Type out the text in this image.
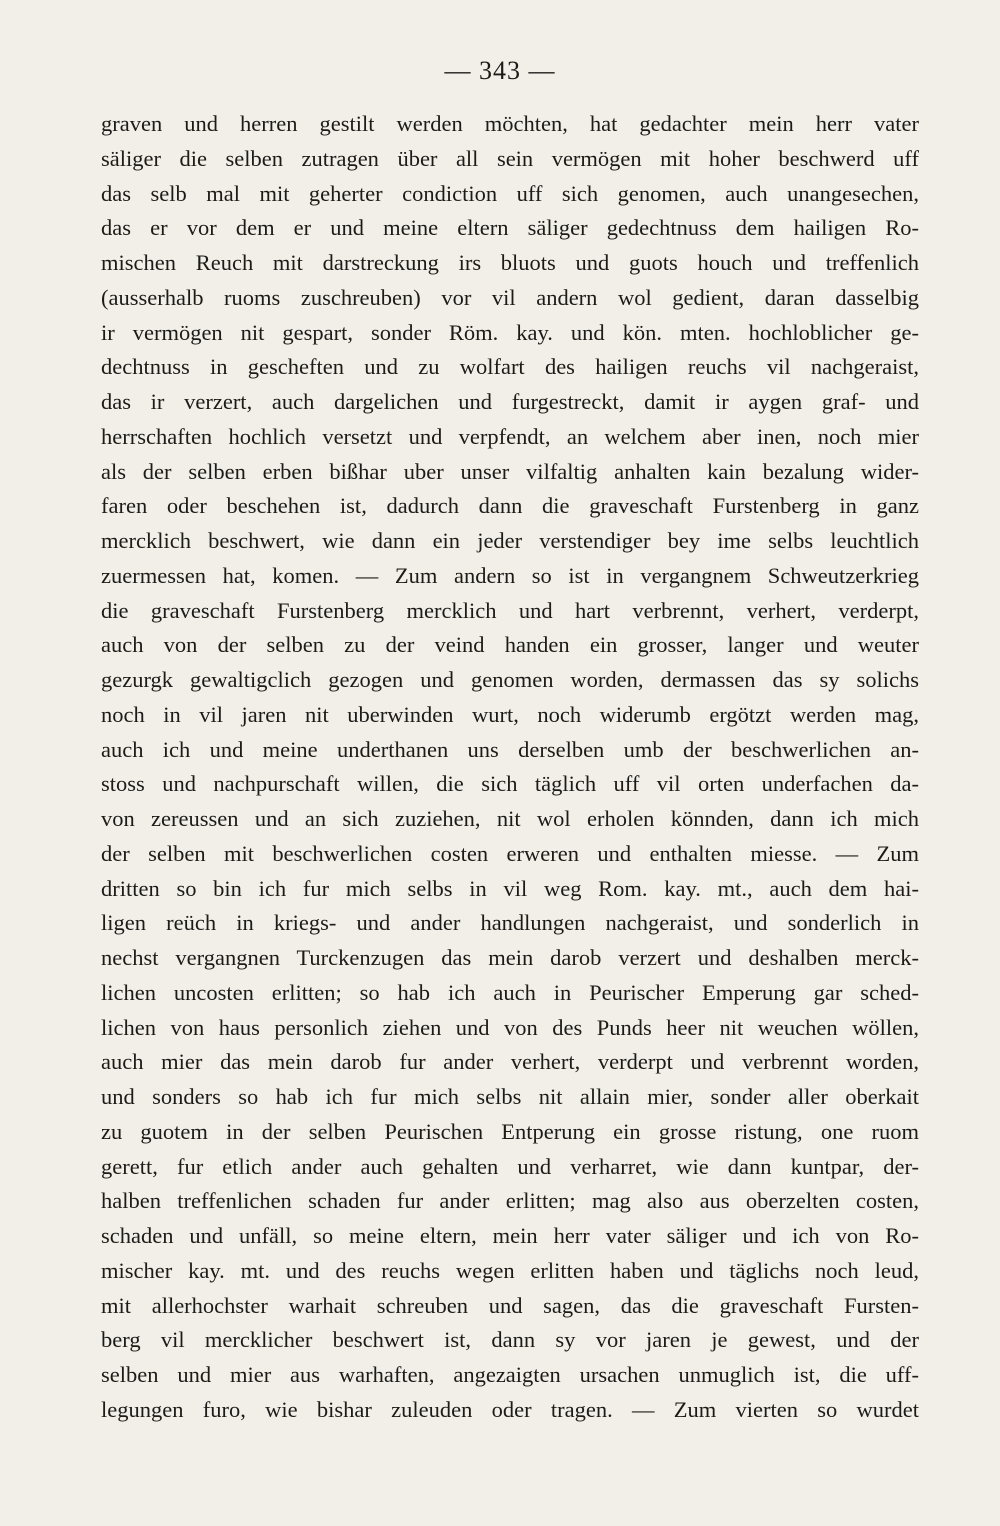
— 343 —
graven und herren gestilt werden möchten, hat gedachter mein herr vater
säliger die selben zutragen über all sein vermögen mit hoher beschwerd uff
das selb mal mit geherter condiction uff sich genomen, auch unangesechen,
das er vor dem er und meine eltern säliger gedechtnuss dem hailigen Ro-
mischen Reuch mit darstreckung irs bluots und guots houch und treffenlich
(ausserhalb ruoms zuschreuben) vor vil andern wol gedient, daran dasselbig
ir vermögen nit gespart, sonder Röm. kay. und kön. mten. hochloblicher ge-
dechtnuss in gescheften und zu wolfart des hailigen reuchs vil nachgeraist,
das ir verzert, auch dargelichen und furgestreckt, damit ir aygen graf- und
herrschaften hochlich versetzt und verpfendt, an welchem aber inen, noch mier
als der selben erben bißhar uber unser vilfaltig anhalten kain bezalung wider-
faren oder beschehen ist, dadurch dann die graveschaft Furstenberg in ganz
mercklich beschwert, wie dann ein jeder verstendiger bey ime selbs leuchtlich
zuermessen hat, komen. — Zum andern so ist in vergangnem Schweutzerkrieg
die graveschaft Furstenberg mercklich und hart verbrennt, verhert, verderpt,
auch von der selben zu der veind handen ein grosser, langer und weuter
gezurgk gewaltigclich gezogen und genomen worden, dermassen das sy solichs
noch in vil jaren nit uberwinden wurt, noch widerumb ergötzt werden mag,
auch ich und meine underthanen uns derselben umb der beschwerlichen an-
stoss und nachpurschaft willen, die sich täglich uff vil orten underfachen da-
von zereussen und an sich zuziehen, nit wol erholen könnden, dann ich mich
der selben mit beschwerlichen costen erweren und enthalten miesse. — Zum
dritten so bin ich fur mich selbs in vil weg Rom. kay. mt., auch dem hai-
ligen reüch in kriegs- und ander handlungen nachgeraist, und sonderlich in
nechst vergangnen Turckenzugen das mein darob verzert und deshalben merck-
lichen uncosten erlitten; so hab ich auch in Peurischer Emperung gar sched-
lichen von haus personlich ziehen und von des Punds heer nit weuchen wöllen,
auch mier das mein darob fur ander verhert, verderpt und verbrennt worden,
und sonders so hab ich fur mich selbs nit allain mier, sonder aller oberkait
zu guotem in der selben Peurischen Entperung ein grosse ristung, one ruom
gerett, fur etlich ander auch gehalten und verharret, wie dann kuntpar, der-
halben treffenlichen schaden fur ander erlitten; mag also aus oberzelten costen,
schaden und unfäll, so meine eltern, mein herr vater säliger und ich von Ro-
mischer kay. mt. und des reuchs wegen erlitten haben und täglichs noch leud,
mit allerhochster warhait schreuben und sagen, das die graveschaft Fursten-
berg vil mercklicher beschwert ist, dann sy vor jaren je gewest, und der
selben und mier aus warhaften, angezaigten ursachen unmuglich ist, die uff-
legungen furo, wie bishar zuleuden oder tragen. — Zum vierten so wurdet
